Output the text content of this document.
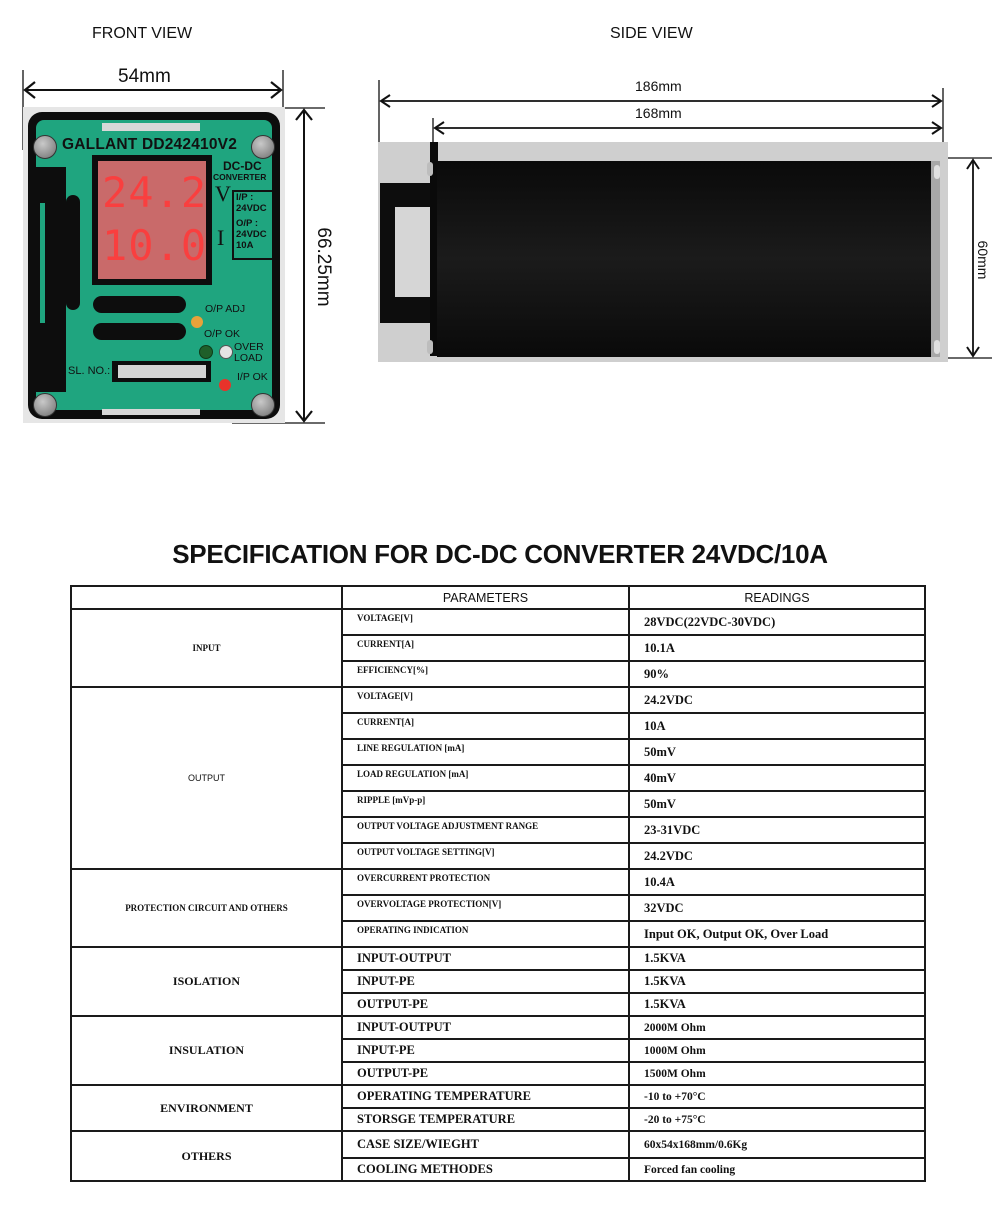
FRONT VIEW
54mm
66.25mm
GALLANT DD242410V2
24.2
10.0
DC-DC
CONVERTER
V
I
I/P :
24VDC
O/P :
24VDC
10A
O/P ADJ
O/P OK
OVER
LOAD
I/P OK
SL. NO.:
SIDE VIEW
186mm
168mm
60mm
SPECIFICATION FOR DC-DC CONVERTER 24VDC/10A
	PARAMETERS	READINGS
INPUT	VOLTAGE[V]	28VDC(22VDC-30VDC)
	CURRENT[A]	10.1A
	EFFICIENCY[%]	90%
OUTPUT	VOLTAGE[V]	24.2VDC
	CURRENT[A]	10A
	LINE REGULATION [mA]	50mV
	LOAD REGULATION [mA]	40mV
	RIPPLE [mVp-p]	50mV
	OUTPUT VOLTAGE ADJUSTMENT RANGE	23-31VDC
	OUTPUT VOLTAGE SETTING[V]	24.2VDC
PROTECTION CIRCUIT AND OTHERS	OVERCURRENT PROTECTION	10.4A
	OVERVOLTAGE PROTECTION[V]	32VDC
	OPERATING INDICATION	Input OK, Output OK, Over Load
ISOLATION	INPUT-OUTPUT	1.5KVA
	INPUT-PE	1.5KVA
	OUTPUT-PE	1.5KVA
INSULATION	INPUT-OUTPUT	2000M Ohm
	INPUT-PE	1000M Ohm
	OUTPUT-PE	1500M Ohm
ENVIRONMENT	OPERATING TEMPERATURE	-10 to +70°C
	STORSGE TEMPERATURE	-20 to +75°C
OTHERS	CASE SIZE/WIEGHT	60x54x168mm/0.6Kg
	COOLING METHODES	Forced fan cooling
